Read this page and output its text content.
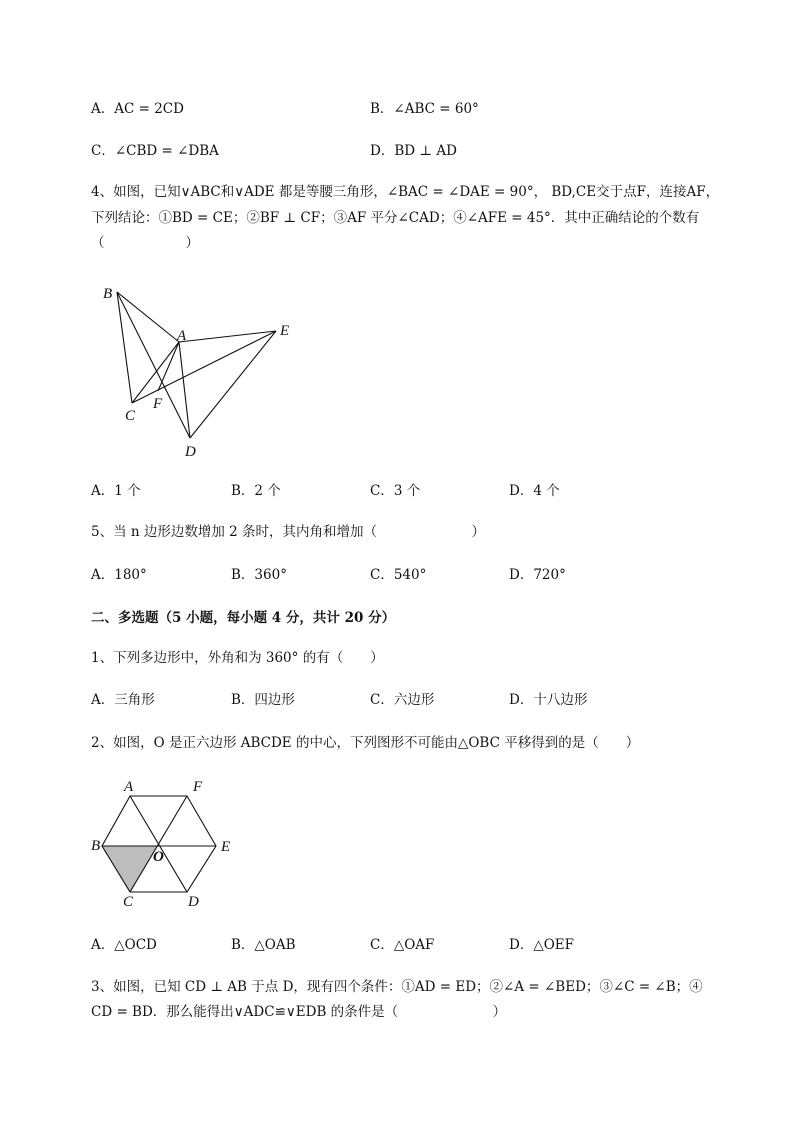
A．AC = 2CD	B．∠ABC = 60°
C．∠CBD = ∠DBA	D．BD ⊥ AD
4、如图，已知∨ABC和∨ADE 都是等腰三角形，∠BAC = ∠DAE = 90°， BD,CE交于点F，连接AF，
下列结论：①BD = CE；②BF ⊥ CF；③AF 平分∠CAD；④∠AFE = 45°．其中正确结论的个数有
（　　　　　　）
B
A	E
C
F
D
A．1 个	B．2 个	C．3 个	D．4 个
5、当 n 边形边数增加 2 条时，其内角和增加（　　　　　　　）
A．180°	B．360°	C．540°	D．720°
二、多选题（5 小题，每小题 4 分，共计 20 分）
1、下列多边形中，外角和为 360° 的有（　　）
A．三角形	B．四边形	C．六边形	D．十八边形
2、如图，O 是正六边形 ABCDE 的中心，下列图形不可能由△OBC 平移得到的是（　　）
A	F
B
O
E
C	D
A．△OCD	B．△OAB	C．△OAF	D．△OEF
3、如图，已知 CD ⊥ AB 于点 D，现有四个条件：①AD = ED；②∠A = ∠BED；③∠C = ∠B；④
CD = BD．那么能得出∨ADC≌∨EDB 的条件是（　　　　　　　）
